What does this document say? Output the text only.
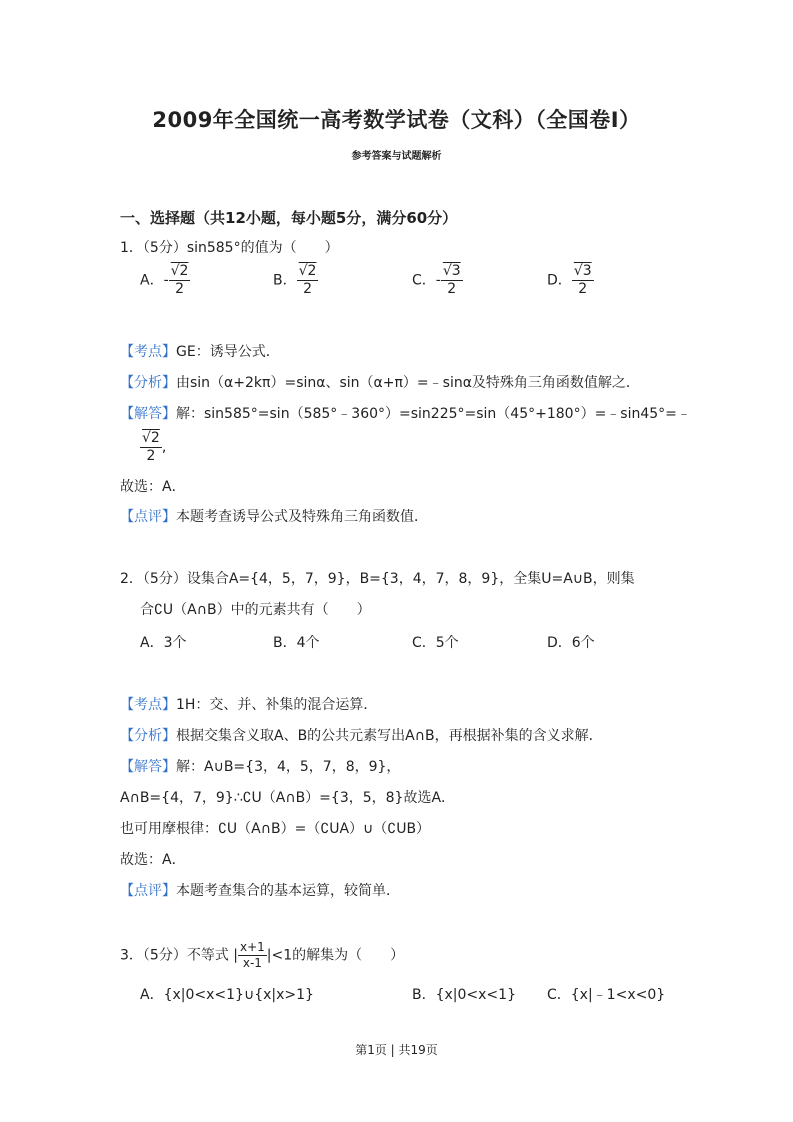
2009年全国统一高考数学试卷（文科）（全国卷Ⅰ）
参考答案与试题解析
一、选择题（共12小题，每小题5分，满分60分）
1．（5分）sin585°的值为（　　）
A．- $\frac{√2}{2}$	B． $\frac{√2}{2}$	C．- $\frac{√3}{2}$	D． $\frac{√3}{2}$
【考点】GE：诱导公式．
【分析】由sin（α+2kπ）=sinα、sin（α+π）=﹣sinα及特殊角三角函数值解之．
【解答】解：sin585°=sin（585°﹣360°）=sin225°=sin（45°+180°）=﹣sin45°=﹣
$\frac{√2}{2}$ ,
故选：A．
【点评】本题考查诱导公式及特殊角三角函数值．
2．（5分）设集合A={4，5，7，9}，B={3，4，7，8，9}，全集U=A∪B，则集
合∁U（A∩B）中的元素共有（　　）
A．3个	B．4个	C．5个	D．6个
【考点】1H：交、并、补集的混合运算．
【分析】根据交集含义取A、B的公共元素写出A∩B，再根据补集的含义求解．
【解答】解：A∪B={3，4，5，7，8，9}，
A∩B={4，7，9}∴∁U（A∩B）={3，5，8}故选A．
也可用摩根律：∁U（A∩B）=（∁UA）∪（∁UB）
故选：A．
【点评】本题考查集合的基本运算，较简单．
3．（5分）不等式 | $\frac{x+1}{x-1} |<1$的解集为（　　）
A．{x|0<x<1}∪{x|x>1}	B．{x|0<x<1} C．{x|﹣1<x<0}
第1页 | 共19页
